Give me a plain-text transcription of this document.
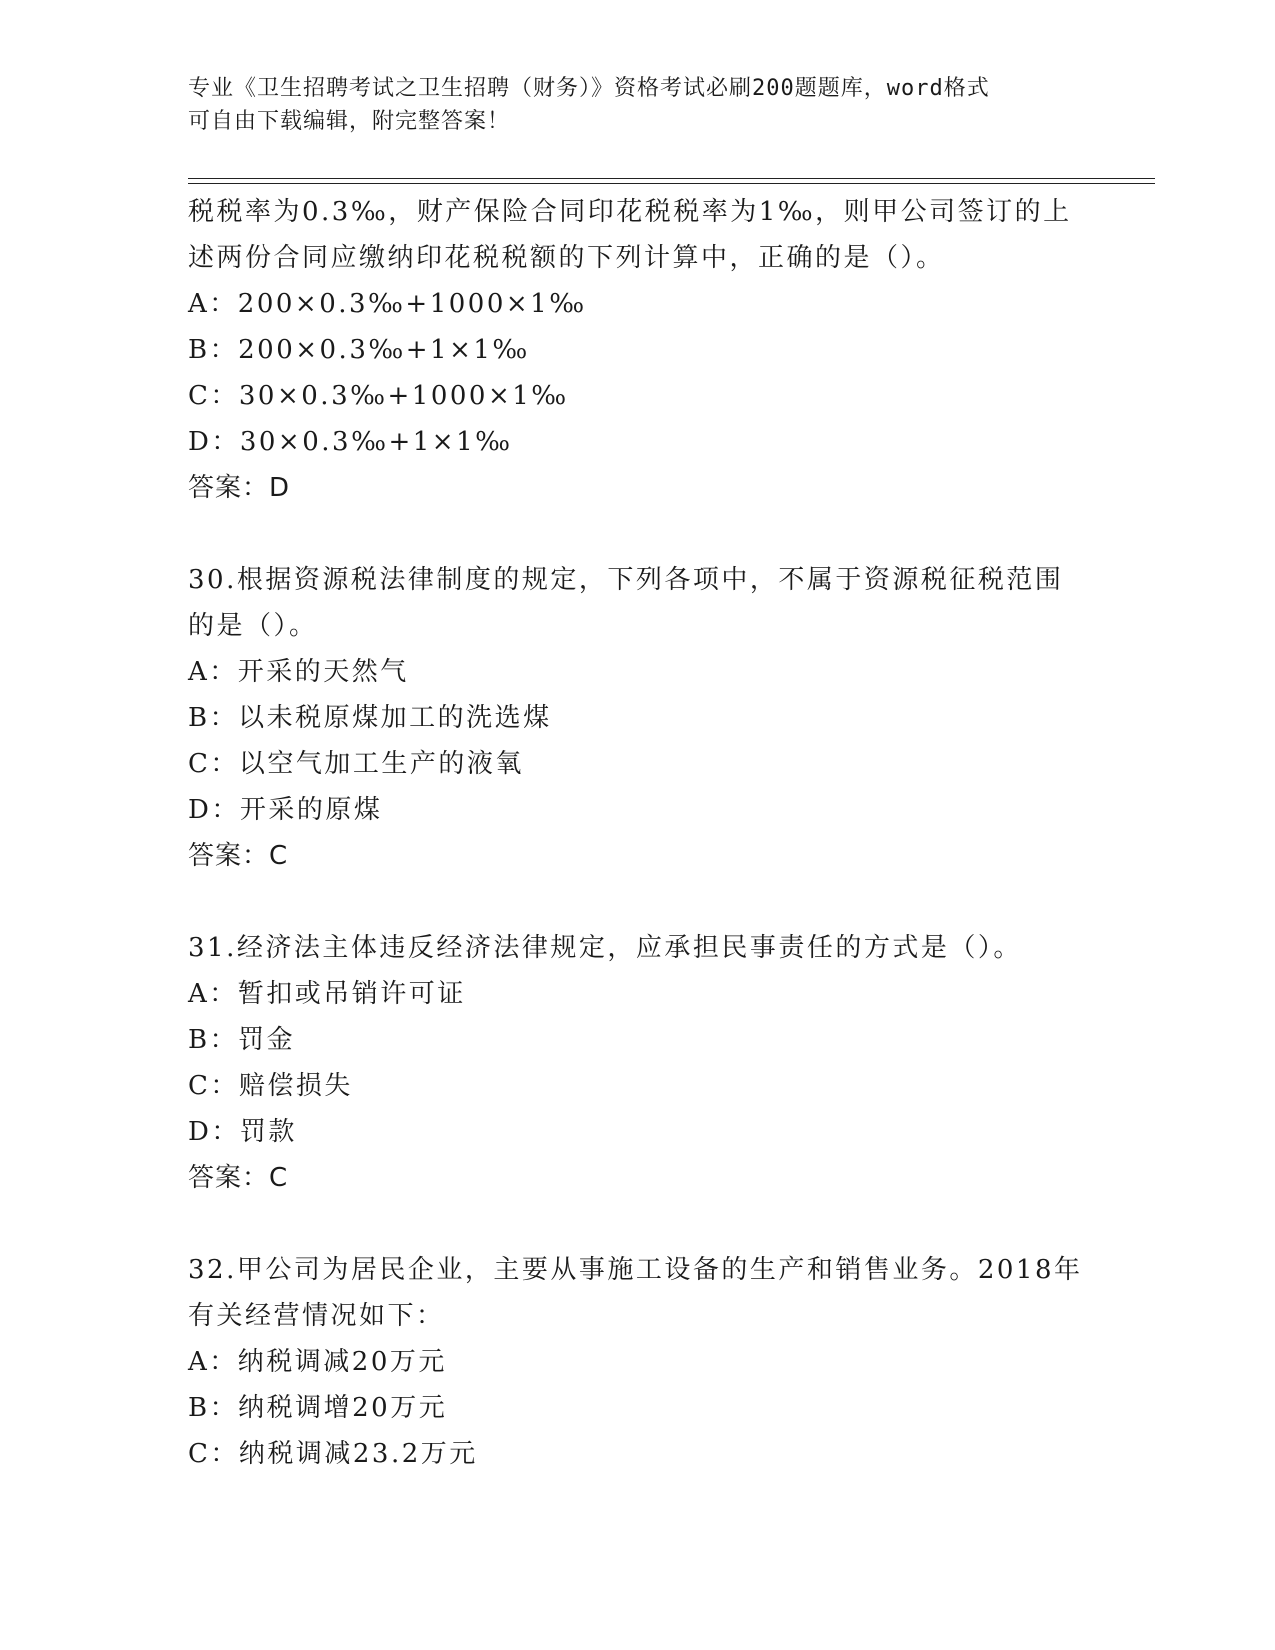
专业《卫生招聘考试之卫生招聘（财务）》资格考试必刷200题题库，word格式
可自由下载编辑，附完整答案！
税税率为0.3‰，财产保险合同印花税税率为1‰，则甲公司签订的上
述两份合同应缴纳印花税税额的下列计算中，正确的是（）。
A：200×0.3‰+1000×1‰
B：200×0.3‰+1×1‰
C：30×0.3‰+1000×1‰
D：30×0.3‰+1×1‰
答案：D
30.根据资源税法律制度的规定，下列各项中，不属于资源税征税范围
的是（）。
A：开采的天然气
B：以未税原煤加工的洗选煤
C：以空气加工生产的液氧
D：开采的原煤
答案：C
31.经济法主体违反经济法律规定，应承担民事责任的方式是（）。
A：暂扣或吊销许可证
B：罚金
C：赔偿损失
D：罚款
答案：C
32.甲公司为居民企业，主要从事施工设备的生产和销售业务。2018年
有关经营情况如下：
A：纳税调减20万元
B：纳税调增20万元
C：纳税调减23.2万元
